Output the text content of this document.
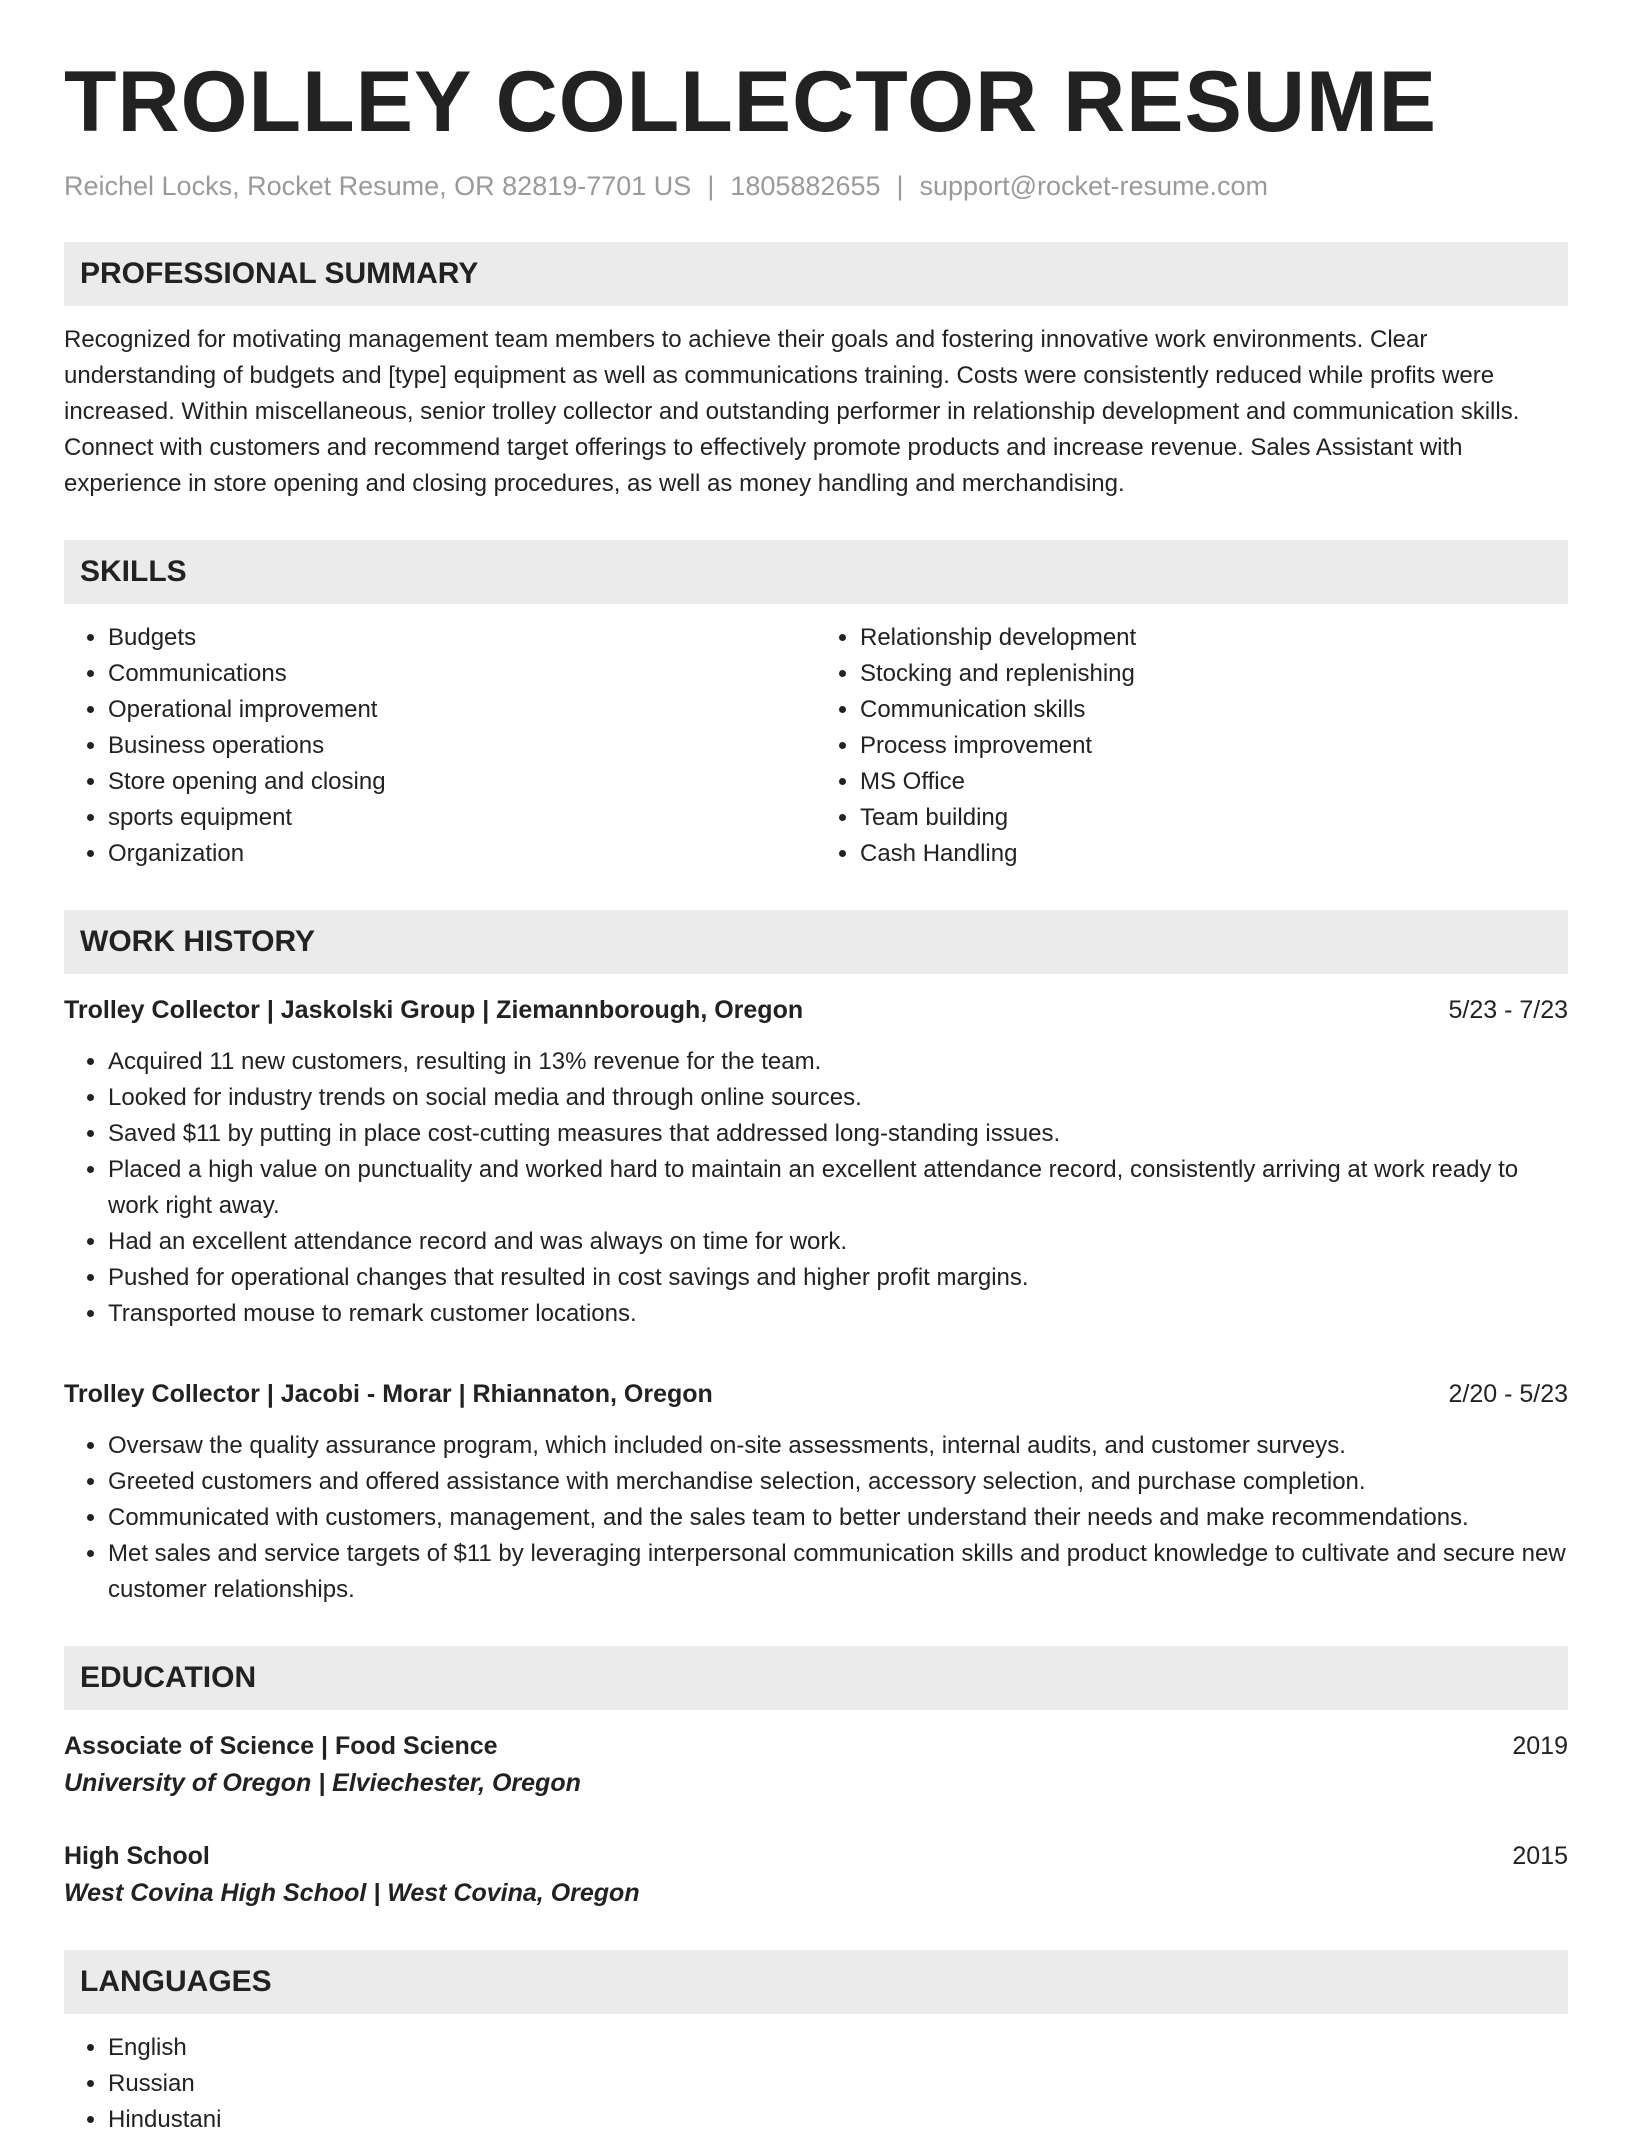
TROLLEY COLLECTOR RESUME
Reichel Locks, Rocket Resume, OR 82819-7701 US | 1805882655 | support@rocket-resume.com
PROFESSIONAL SUMMARY
Recognized for motivating management team members to achieve their goals and fostering innovative work environments. Clear understanding of budgets and [type] equipment as well as communications training. Costs were consistently reduced while profits were increased. Within miscellaneous, senior trolley collector and outstanding performer in relationship development and communication skills. Connect with customers and recommend target offerings to effectively promote products and increase revenue. Sales Assistant with experience in store opening and closing procedures, as well as money handling and merchandising.
SKILLS
• Budgets
• Communications
• Operational improvement
• Business operations
• Store opening and closing
• sports equipment
• Organization
• Relationship development
• Stocking and replenishing
• Communication skills
• Process improvement
• MS Office
• Team building
• Cash Handling
WORK HISTORY
Trolley Collector | Jaskolski Group | Ziemannborough, Oregon	5/23 - 7/23
• Acquired 11 new customers, resulting in 13% revenue for the team.
• Looked for industry trends on social media and through online sources.
• Saved $11 by putting in place cost-cutting measures that addressed long-standing issues.
• Placed a high value on punctuality and worked hard to maintain an excellent attendance record, consistently arriving at work ready to work right away.
• Had an excellent attendance record and was always on time for work.
• Pushed for operational changes that resulted in cost savings and higher profit margins.
• Transported mouse to remark customer locations.
Trolley Collector | Jacobi - Morar | Rhiannaton, Oregon	2/20 - 5/23
• Oversaw the quality assurance program, which included on-site assessments, internal audits, and customer surveys.
• Greeted customers and offered assistance with merchandise selection, accessory selection, and purchase completion.
• Communicated with customers, management, and the sales team to better understand their needs and make recommendations.
• Met sales and service targets of $11 by leveraging interpersonal communication skills and product knowledge to cultivate and secure new customer relationships.
EDUCATION
Associate of Science | Food Science	2019
University of Oregon | Elviechester, Oregon
High School	2015
West Covina High School | West Covina, Oregon
LANGUAGES
• English
• Russian
• Hindustani
